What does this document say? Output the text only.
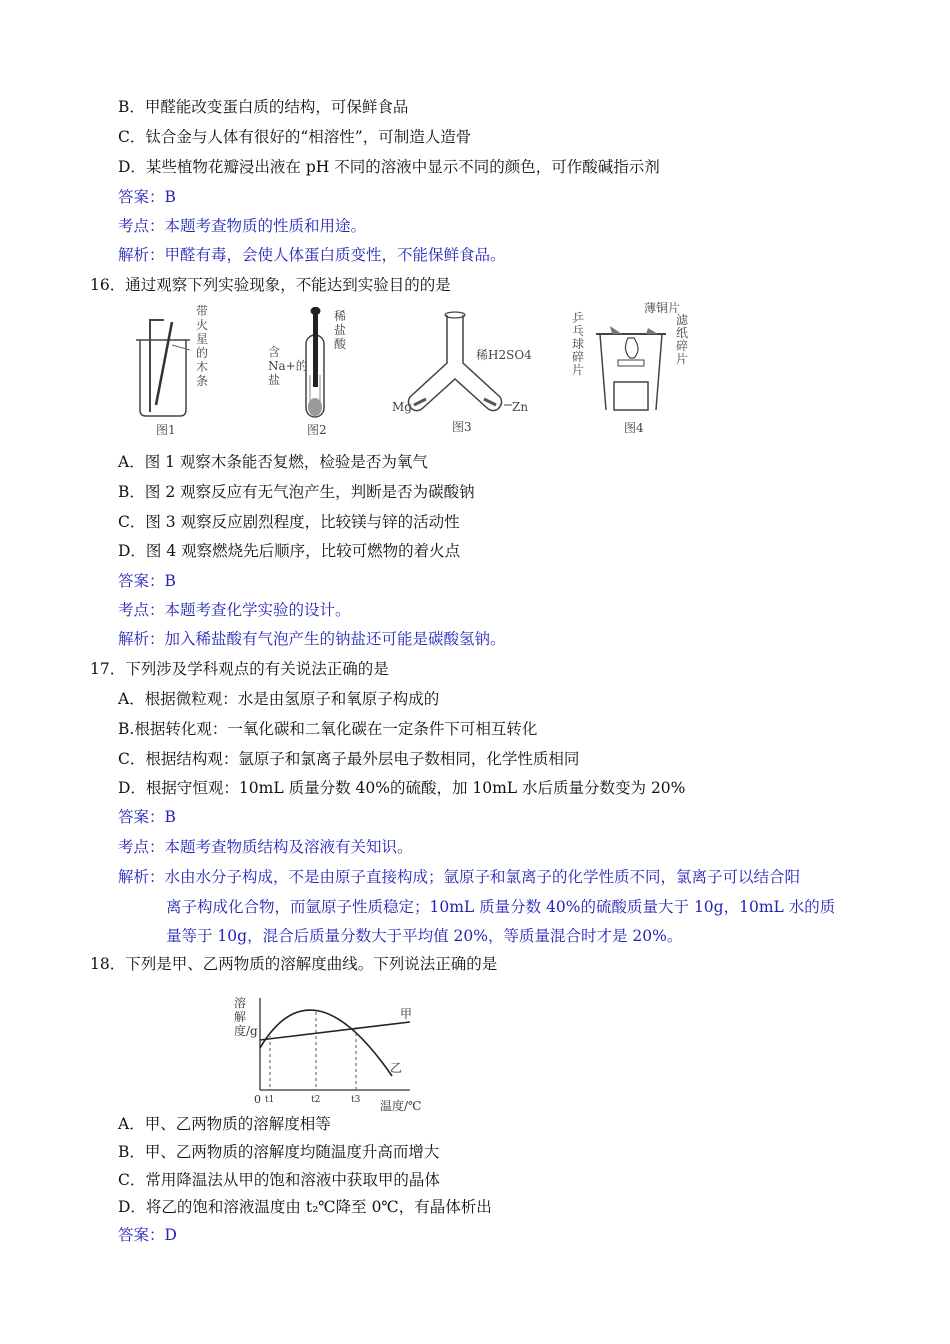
B．甲醛能改变蛋白质的结构，可保鲜食品
C．钛合金与人体有很好的“相溶性”，可制造人造骨
D．某些植物花瓣浸出液在 pH 不同的溶液中显示不同的颜色，可作酸碱指示剂
答案：B
考点：本题考查物质的性质和用途。
解析：甲醛有毒，会使人体蛋白质变性，不能保鲜食品。
16．通过观察下列实验现象，不能达到实验目的的是
带火星的木条
图1
稀盐酸
含Na+的盐
图2
稀H2SO4
Mg	Zn
图3
薄铜片
滤纸碎片
乒乓球碎片
图4
A．图 1 观察木条能否复燃，检验是否为氧气
B．图 2 观察反应有无气泡产生，判断是否为碳酸钠
C．图 3 观察反应剧烈程度，比较镁与锌的活动性
D．图 4 观察燃烧先后顺序，比较可燃物的着火点
答案：B
考点：本题考查化学实验的设计。
解析：加入稀盐酸有气泡产生的钠盐还可能是碳酸氢钠。
17．下列涉及学科观点的有关说法正确的是
A．根据微粒观：水是由氢原子和氧原子构成的
B.根据转化观：一氧化碳和二氧化碳在一定条件下可相互转化
C．根据结构观：氩原子和氯离子最外层电子数相同，化学性质相同
D．根据守恒观：10mL 质量分数 40%的硫酸，加 10mL 水后质量分数变为 20%
答案：B
考点：本题考查物质结构及溶液有关知识。
解析：水由水分子构成，不是由原子直接构成；氩原子和氯离子的化学性质不同，氯离子可以结合阳
离子构成化合物，而氩原子性质稳定；10mL 质量分数 40%的硫酸质量大于 10g，10mL 水的质
量等于 10g，混合后质量分数大于平均值 20%，等质量混合时才是 20%。
18．下列是甲、乙两物质的溶解度曲线。下列说法正确的是
溶解度/g
温度/℃
0 t1	t2	t3
甲
乙
A．甲、乙两物质的溶解度相等
B．甲、乙两物质的溶解度均随温度升高而增大
C．常用降温法从甲的饱和溶液中获取甲的晶体
D．将乙的饱和溶液温度由 t₂℃降至 0℃，有晶体析出
答案：D
